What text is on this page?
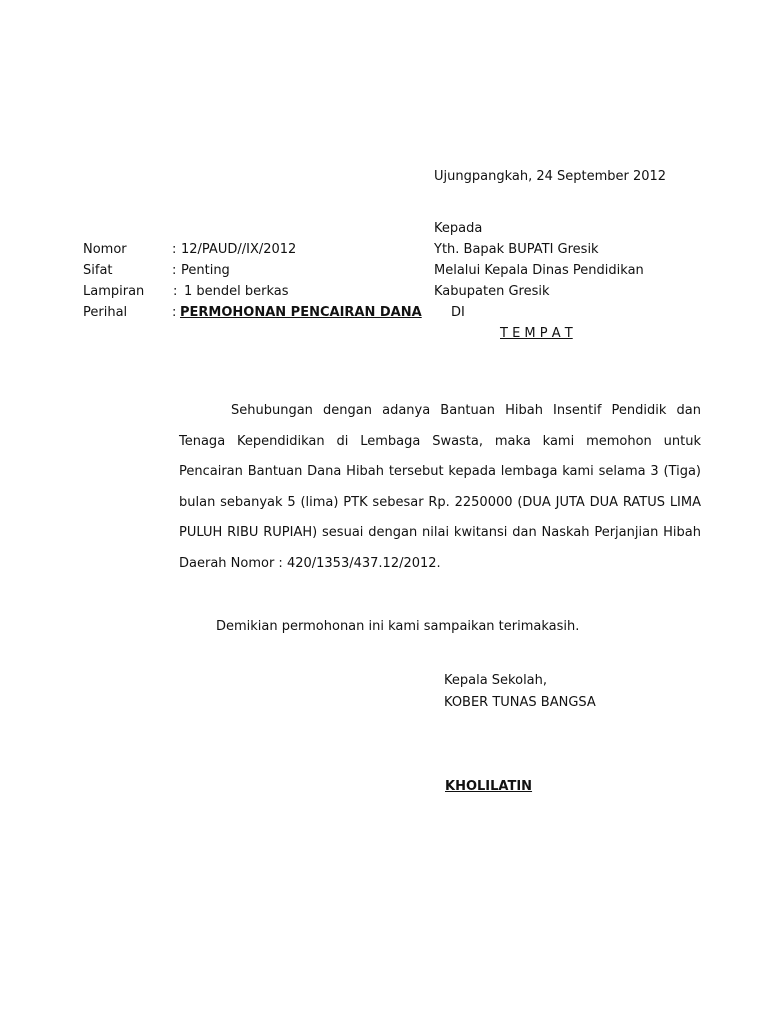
Ujungpangkah, 24 September 2012
Kepada
Yth. Bapak BUPATI Gresik
Melalui Kepala Dinas Pendidikan
Kabupaten Gresik
DI
T E M P A T
Nomor	: 12/PAUD//IX/2012
Sifat	: Penting
Lampiran : 1 bendel berkas
Perihal	: PERMOHONAN PENCAIRAN DANA
Sehubungan dengan adanya Bantuan Hibah Insentif Pendidik dan Tenaga Kependidikan di Lembaga Swasta, maka kami memohon untuk Pencairan Bantuan Dana Hibah tersebut kepada lembaga kami selama 3 (Tiga) bulan sebanyak 5 (lima) PTK sebesar Rp. 2250000 (DUA JUTA DUA RATUS LIMA PULUH RIBU RUPIAH) sesuai dengan nilai kwitansi dan Naskah Perjanjian Hibah Daerah Nomor : 420/1353/437.12/2012.
Demikian permohonan ini kami sampaikan terimakasih.
Kepala Sekolah,
KOBER TUNAS BANGSA
KHOLILATIN
